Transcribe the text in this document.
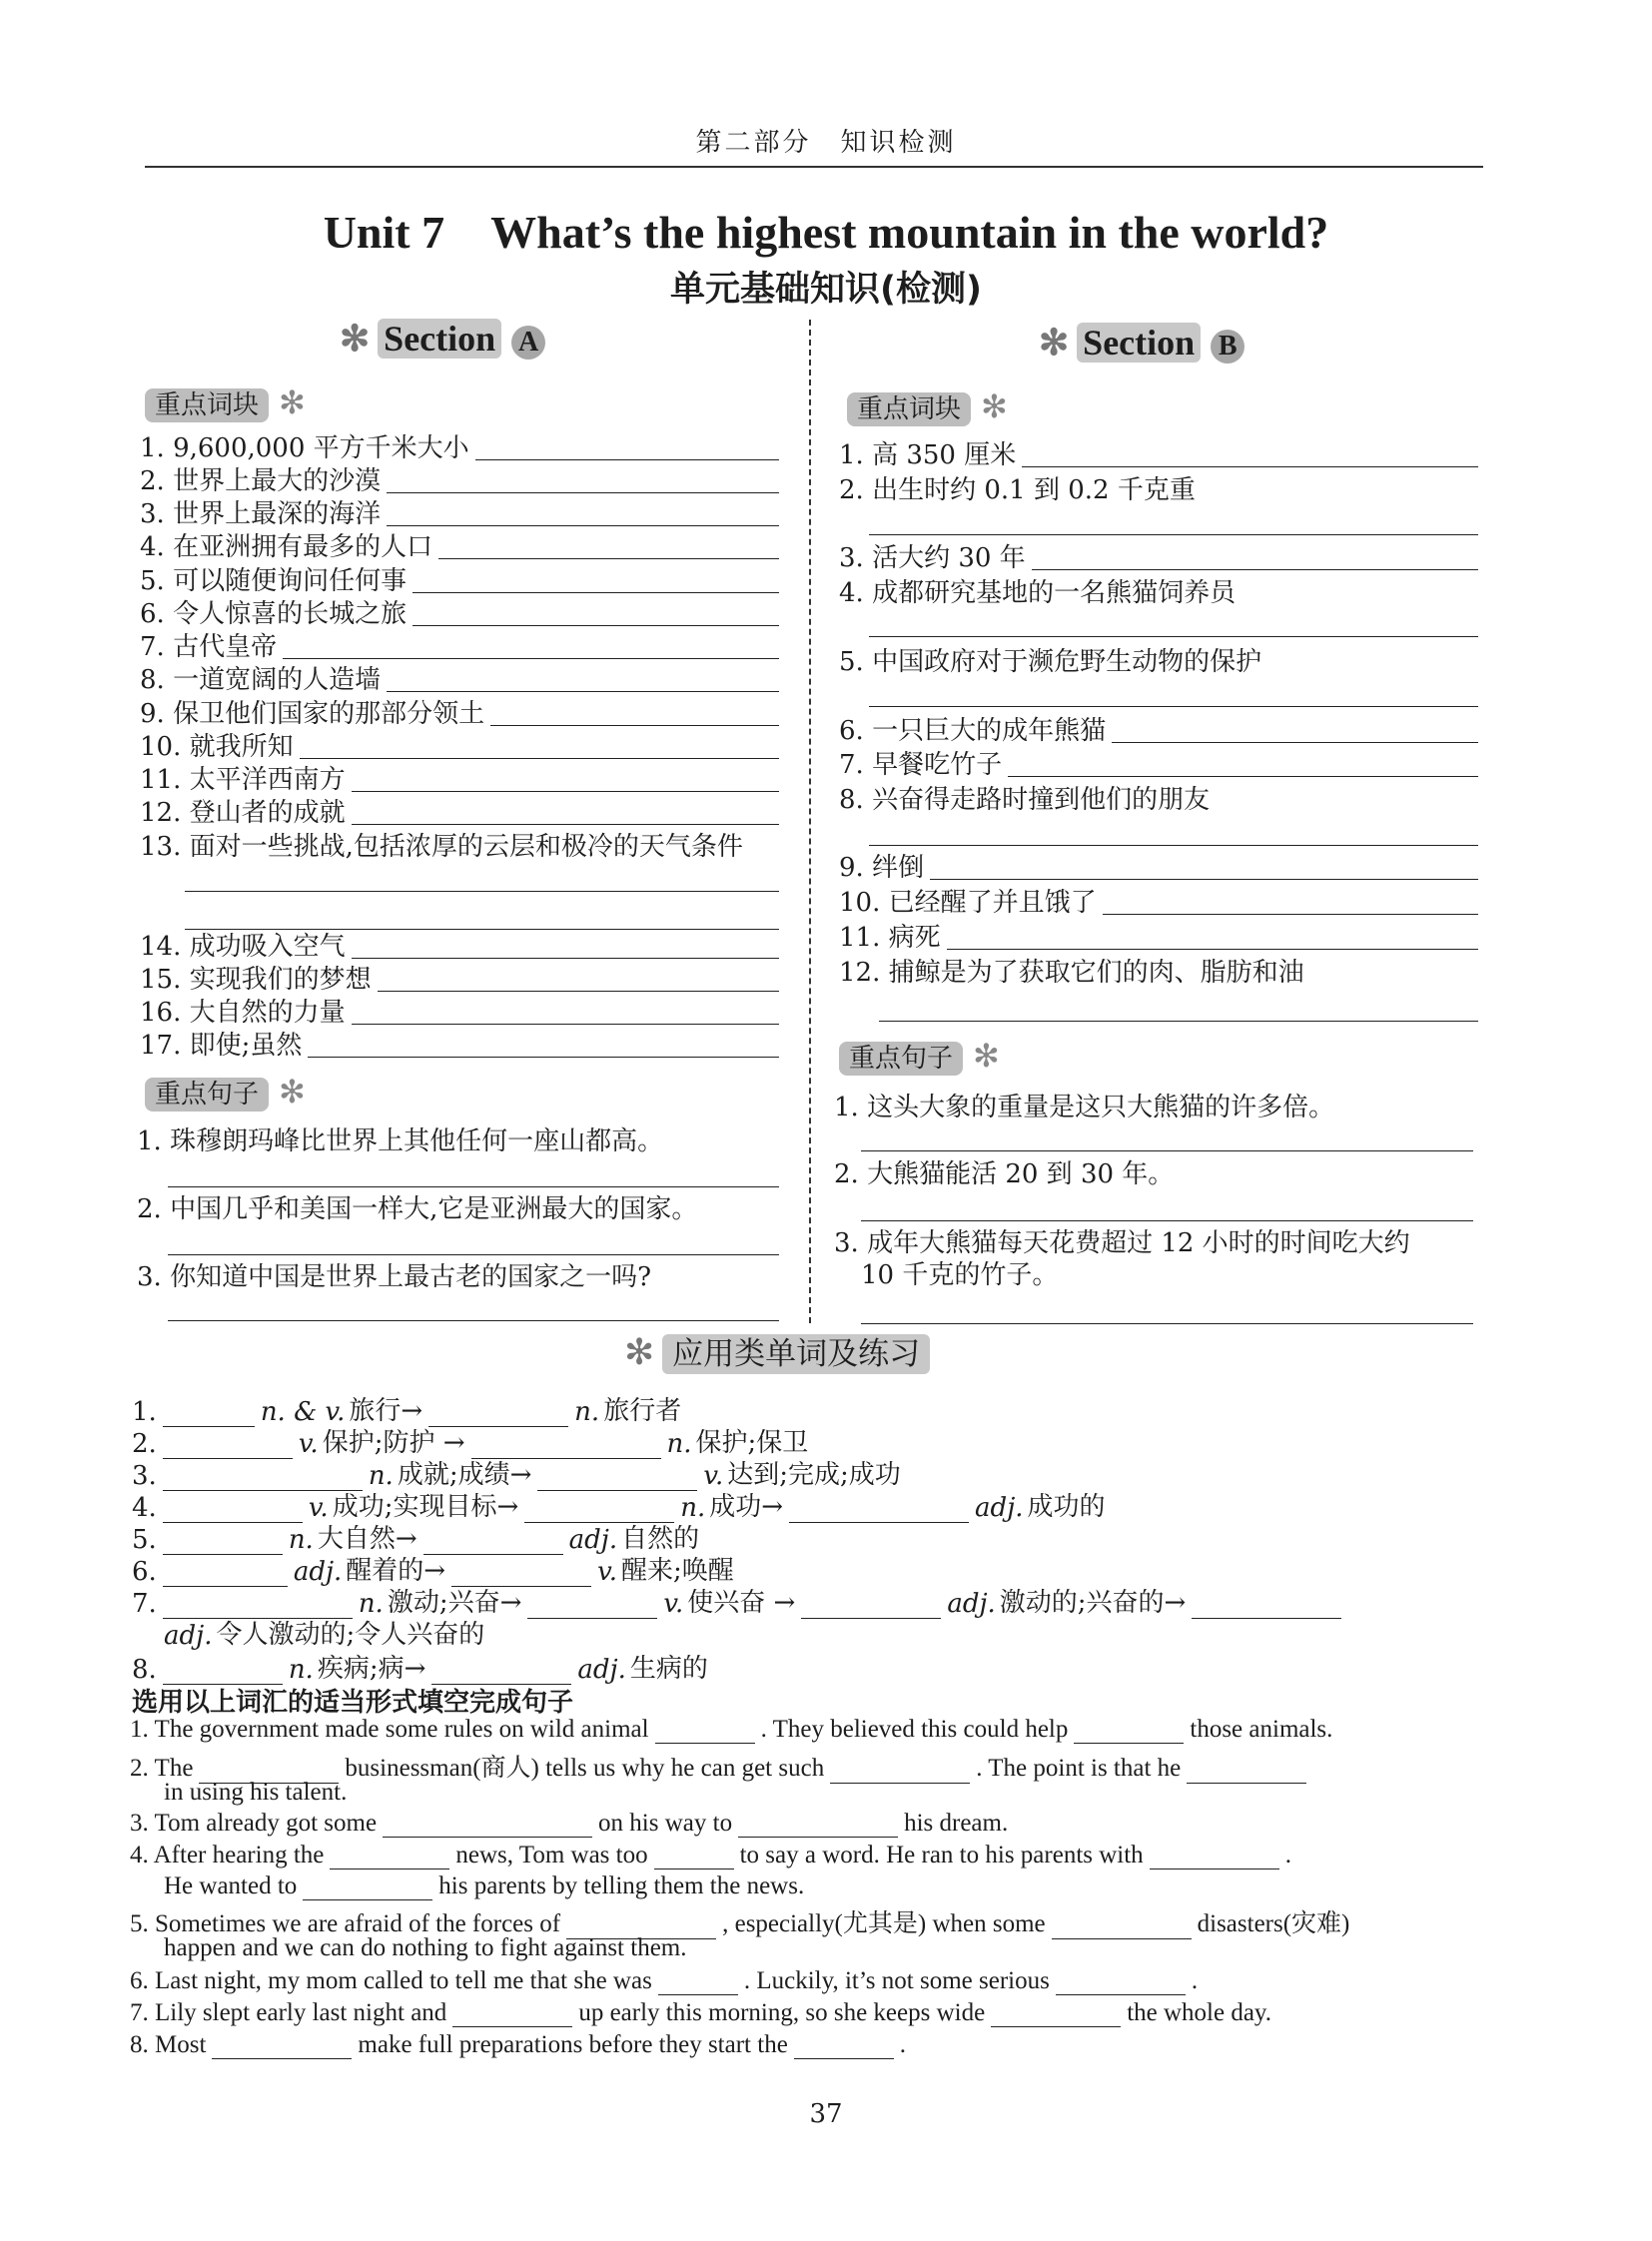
第二部分　知识检测
Unit 7　What’s the highest mountain in the world?
单元基础知识(检测)
✻ Section A	✻ Section B
重点词块 ✻
1. 9,600,000 平方千米大小
2. 世界上最大的沙漠
3. 世界上最深的海洋
4. 在亚洲拥有最多的人口
5. 可以随便询问任何事
6. 令人惊喜的长城之旅
7. 古代皇帝
8. 一道宽阔的人造墙
9. 保卫他们国家的那部分领土
10. 就我所知
11. 太平洋西南方
12. 登山者的成就
13. 面对一些挑战,包括浓厚的云层和极冷的天气条件
14. 成功吸入空气
15. 实现我们的梦想
16. 大自然的力量
17. 即使;虽然
重点句子 ✻
1. 珠穆朗玛峰比世界上其他任何一座山都高。
2. 中国几乎和美国一样大,它是亚洲最大的国家。
3. 你知道中国是世界上最古老的国家之一吗?
重点词块 ✻
1. 高 350 厘米
2. 出生时约 0.1 到 0.2 千克重
3. 活大约 30 年
4. 成都研究基地的一名熊猫饲养员
5. 中国政府对于濒危野生动物的保护
6. 一只巨大的成年熊猫
7. 早餐吃竹子
8. 兴奋得走路时撞到他们的朋友
9. 绊倒
10. 已经醒了并且饿了
11. 病死
12. 捕鲸是为了获取它们的肉、脂肪和油
重点句子 ✻
1. 这头大象的重量是这只大熊猫的许多倍。
2. 大熊猫能活 20 到 30 年。
3. 成年大熊猫每天花费超过 12 小时的时间吃大约
10 千克的竹子。
✻ 应用类单词及练习
1.	n. & v. 旅行→	n. 旅行者
2.	v. 保护;防护 →	n. 保护;保卫
3.	n. 成就;成绩→	v. 达到;完成;成功
4.	v. 成功;实现目标→	n. 成功→	adj. 成功的
5.	n. 大自然→	adj. 自然的
6.	adj. 醒着的→	v. 醒来;唤醒
7.	n. 激动;兴奋→	v. 使兴奋 →	adj. 激动的;兴奋的→
adj. 令人激动的;令人兴奋的
8.	n. 疾病;病→	adj. 生病的
选用以上词汇的适当形式填空完成句子
1. The government made some rules on wild animal	. They believed this could help	those animals.
2. The	businessman(商人) tells us why he can get such	. The point is that he
in using his talent.
3. Tom already got some	on his way to	his dream.
4. After hearing the	news, Tom was too	to say a word. He ran to his parents with	.
He wanted to	his parents by telling them the news.
5. Sometimes we are afraid of the forces of	, especially(尤其是) when some	disasters(灾难)
happen and we can do nothing to fight against them.
6. Last night, my mom called to tell me that she was	. Luckily, it’s not some serious	.
7. Lily slept early last night and	up early this morning, so she keeps wide	the whole day.
8. Most	make full preparations before they start the	.
37
